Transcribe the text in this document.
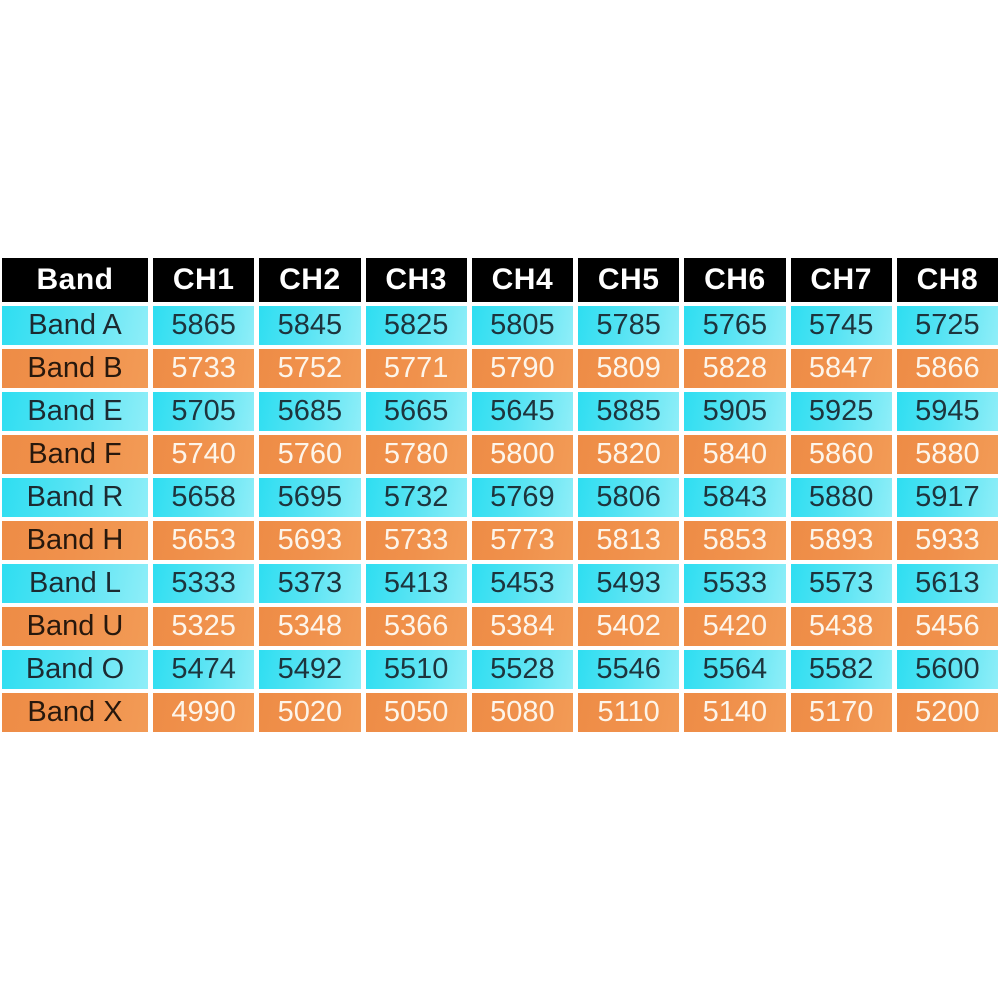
Band	CH1	CH2	CH3	CH4	CH5	CH6	CH7	CH8
Band A	5865	5845	5825	5805	5785	5765	5745	5725
Band B	5733	5752	5771	5790	5809	5828	5847	5866
Band E	5705	5685	5665	5645	5885	5905	5925	5945
Band F	5740	5760	5780	5800	5820	5840	5860	5880
Band R	5658	5695	5732	5769	5806	5843	5880	5917
Band H	5653	5693	5733	5773	5813	5853	5893	5933
Band L	5333	5373	5413	5453	5493	5533	5573	5613
Band U	5325	5348	5366	5384	5402	5420	5438	5456
Band O	5474	5492	5510	5528	5546	5564	5582	5600
Band X	4990	5020	5050	5080	5110	5140	5170	5200
